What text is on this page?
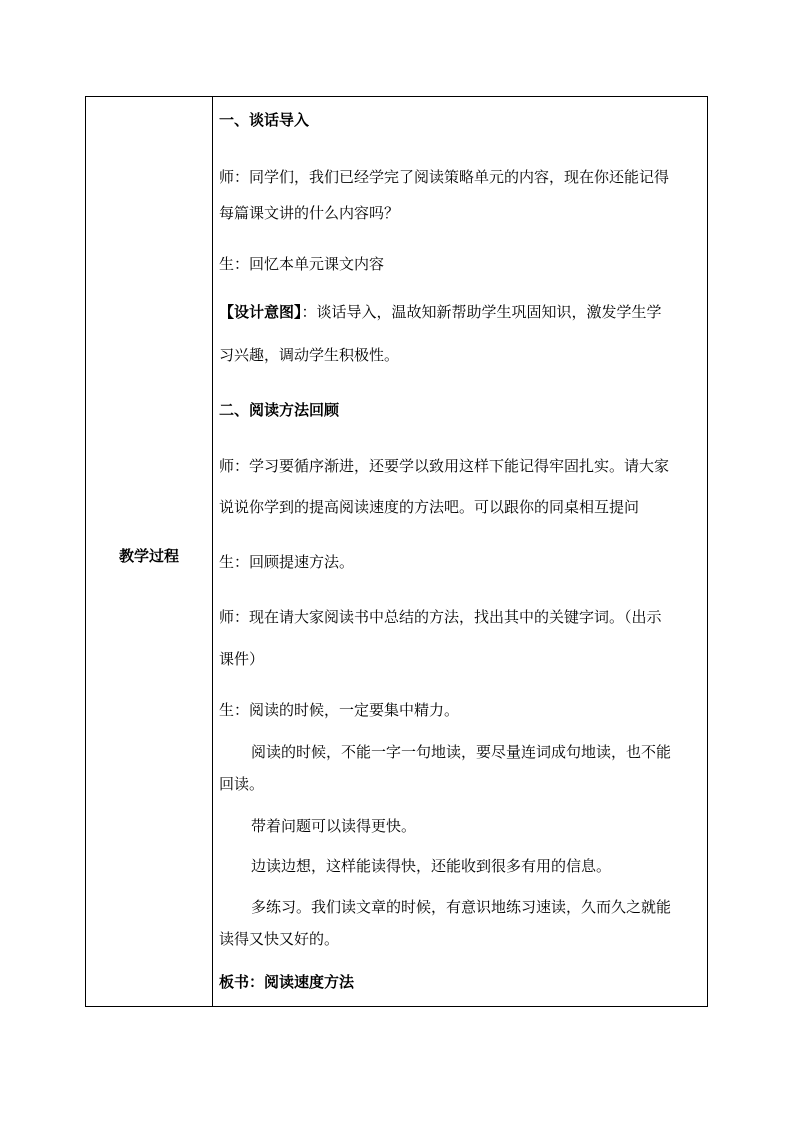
教学过程
一、谈话导入
师：同学们，我们已经学完了阅读策略单元的内容，现在你还能记得
每篇课文讲的什么内容吗？
生：回忆本单元课文内容
【设计意图】：谈话导入，温故知新帮助学生巩固知识，激发学生学
习兴趣，调动学生积极性。
二、阅读方法回顾
师：学习要循序渐进，还要学以致用这样下能记得牢固扎实。请大家
说说你学到的提高阅读速度的方法吧。可以跟你的同桌相互提问
生：回顾提速方法。
师：现在请大家阅读书中总结的方法，找出其中的关键字词。（出示
课件）
生：阅读的时候，一定要集中精力。
阅读的时候，不能一字一句地读，要尽量连词成句地读，也不能
回读。
带着问题可以读得更快。
边读边想，这样能读得快，还能收到很多有用的信息。
多练习。我们读文章的时候，有意识地练习速读，久而久之就能
读得又快又好的。
板书：阅读速度方法
